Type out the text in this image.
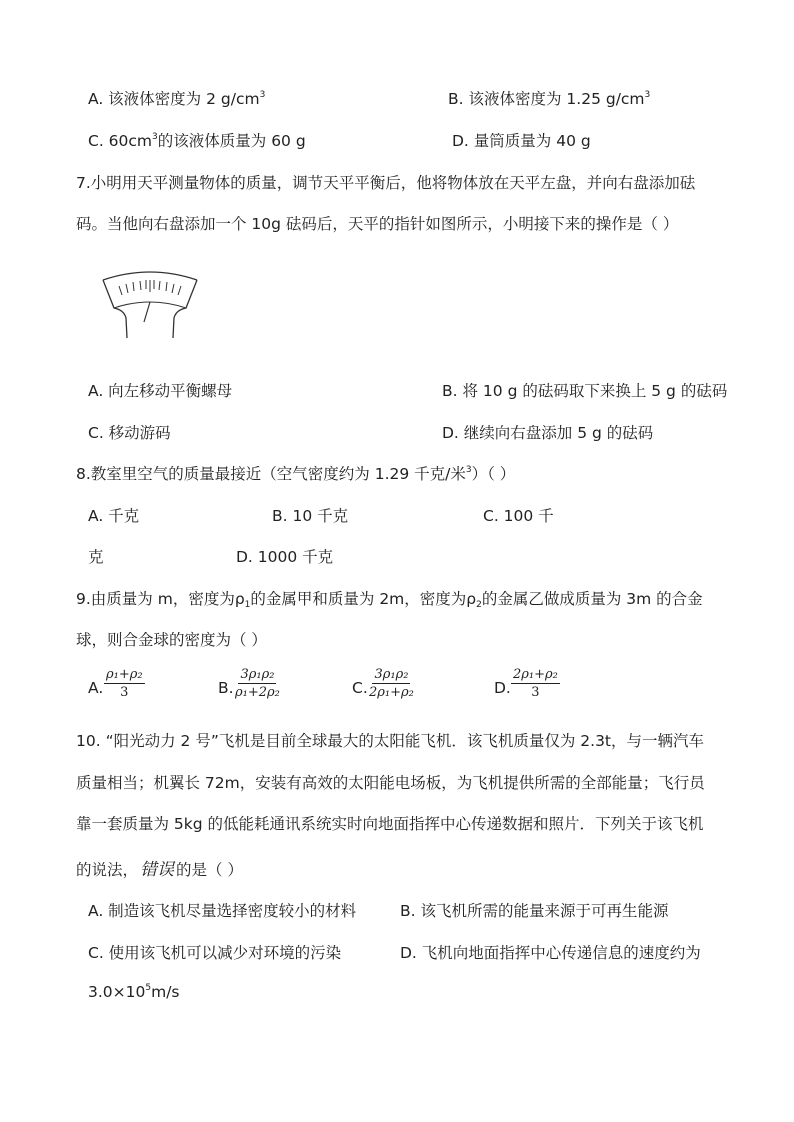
A. 该液体密度为 2 $g/cm^3$	B. 该液体密度为 1.25 $g/cm^3$
C. $60cm^3$的该液体质量为 60 g	D. 量筒质量为 40 g
7.小明用天平测量物体的质量，调节天平平衡后，他将物体放在天平左盘，并向右盘添加砝
码。当他向右盘添加一个 10g 砝码后，天平的指针如图所示，小明接下来的操作是（ ）
A. 向左移动平衡螺母	B. 将 10 g 的砝码取下来换上 5 g 的砝码
C. 移动游码	D. 继续向右盘添加 5 g 的砝码
8.教室里空气的质量最接近（空气密度约为 1.29 千克/米$^3$）（ ）
A. 千克	B. 10 千克	C. 100 千
克	D. 1000 千克
9.由质量为 m，密度为$\rho_1$的金属甲和质量为 2m，密度为$\rho_2$的金属乙做成质量为 3m 的合金
球，则合金球的密度为（ ）
A. $\frac{\text{ρ₁+ρ₂}}{3}$	B. $\frac{\text{3ρ₁ρ₂}}{\text{ρ₁+2ρ₂}}$	C. $\frac{\text{3ρ₁ρ₂}}{\text{2ρ₁+ρ₂}}$	D. $\frac{\text{2ρ₁+ρ₂}}{3}$
10. “阳光动力 2 号”飞机是目前全球最大的太阳能飞机．该飞机质量仅为 2.3t，与一辆汽车
质量相当；机翼长 72m，安装有高效的太阳能电场板，为飞机提供所需的全部能量；飞行员
靠一套质量为 5kg 的低能耗通讯系统实时向地面指挥中心传递数据和照片．下列关于该飞机
的说法， 错误 的是（ ）
A. 制造该飞机尽量选择密度较小的材料	B. 该飞机所需的能量来源于可再生能源
C. 使用该飞机可以减少对环境的污染	D. 飞机向地面指挥中心传递信息的速度约为
$3.0\times 10^5m/s$
